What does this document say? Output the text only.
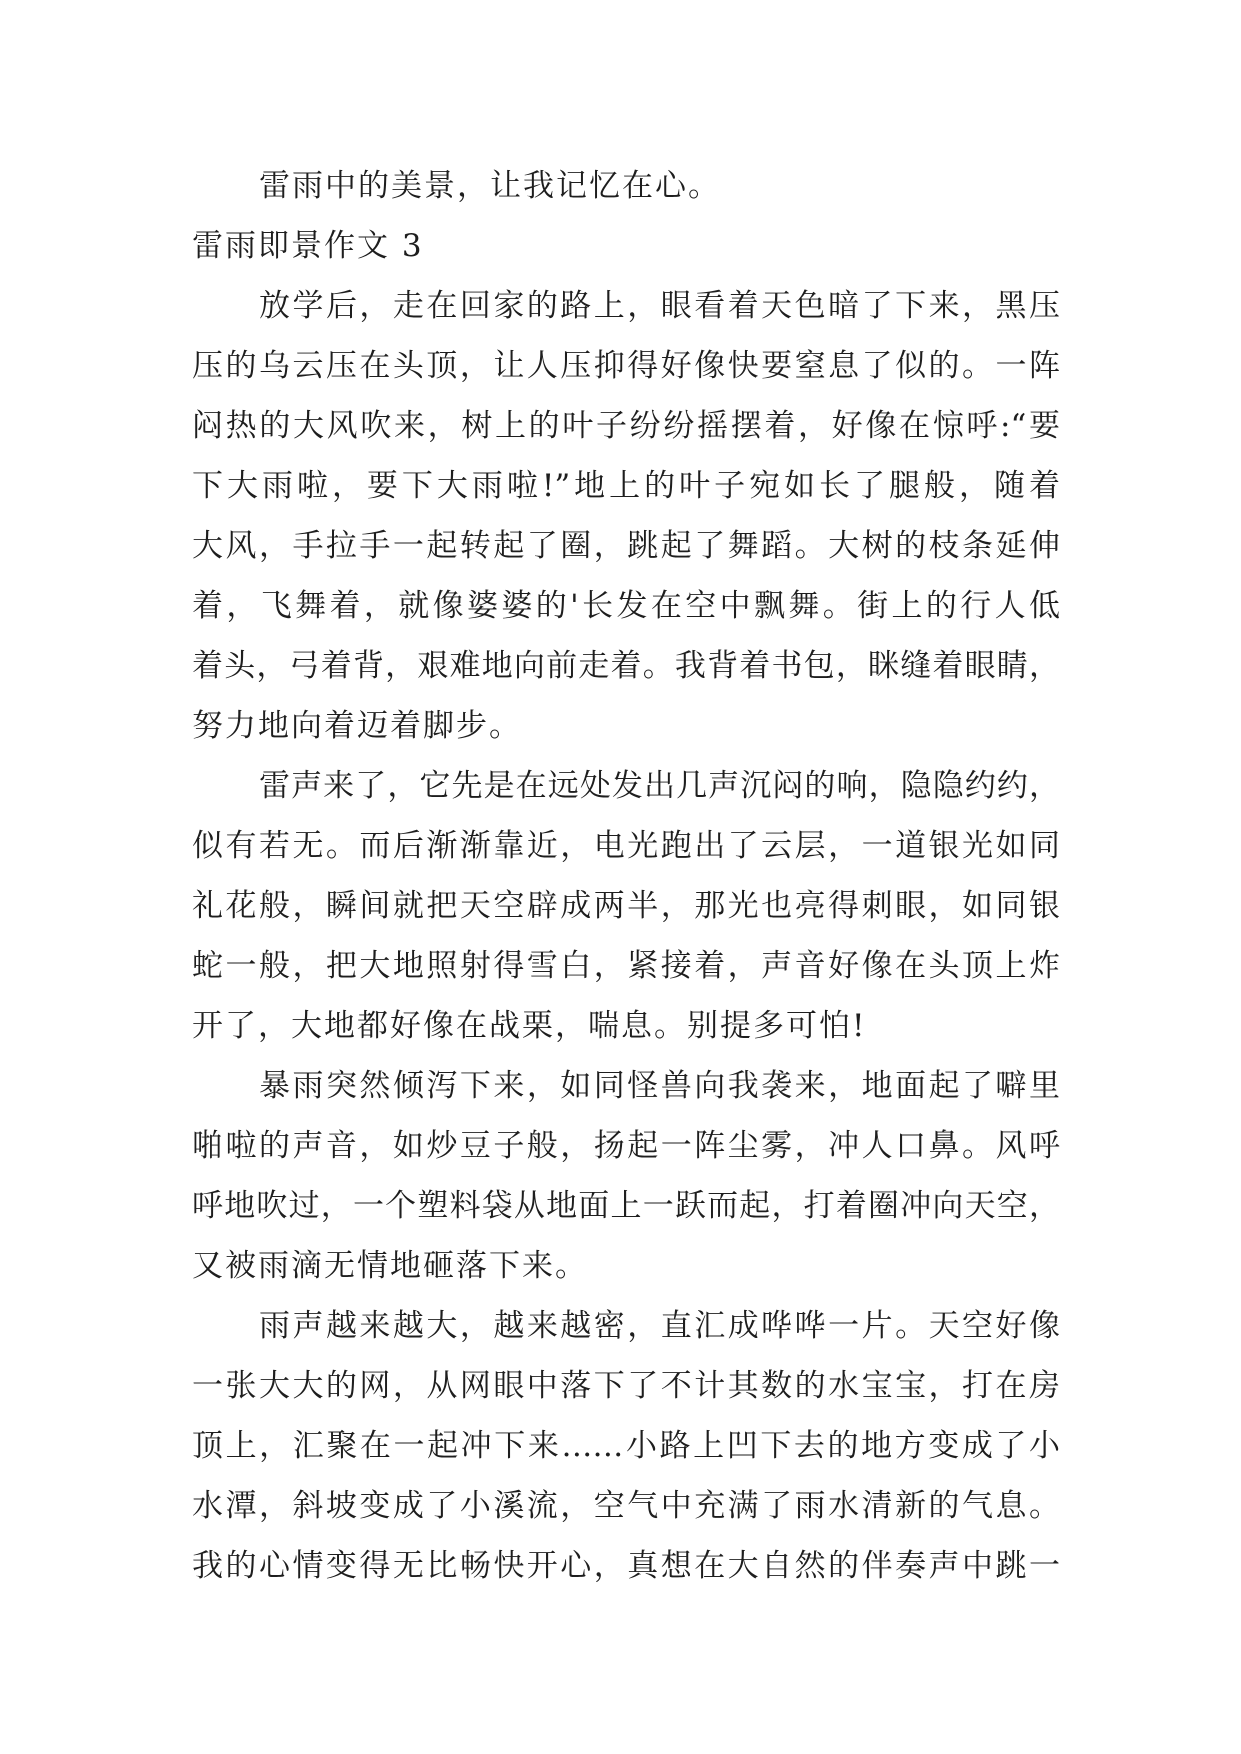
雷雨中的美景，让我记忆在心。
雷雨即景作文 3
放学后，走在回家的路上，眼看着天色暗了下来，黑压
压的乌云压在头顶，让人压抑得好像快要窒息了似的。一阵
闷热的大风吹来，树上的叶子纷纷摇摆着，好像在惊呼:“要
下大雨啦，要下大雨啦!”地上的叶子宛如长了腿般，随着
大风，手拉手一起转起了圈，跳起了舞蹈。大树的枝条延伸
着，飞舞着，就像婆婆的'长发在空中飘舞。街上的行人低
着头，弓着背，艰难地向前走着。我背着书包，眯缝着眼睛，
努力地向着迈着脚步。
雷声来了，它先是在远处发出几声沉闷的响，隐隐约约，
似有若无。而后渐渐靠近，电光跑出了云层，一道银光如同
礼花般，瞬间就把天空辟成两半，那光也亮得刺眼，如同银
蛇一般，把大地照射得雪白，紧接着，声音好像在头顶上炸
开了，大地都好像在战栗，喘息。别提多可怕!
暴雨突然倾泻下来，如同怪兽向我袭来，地面起了噼里
啪啦的声音，如炒豆子般，扬起一阵尘雾，冲人口鼻。风呼
呼地吹过，一个塑料袋从地面上一跃而起，打着圈冲向天空，
又被雨滴无情地砸落下来。
雨声越来越大，越来越密，直汇成哗哗一片。天空好像
一张大大的网，从网眼中落下了不计其数的水宝宝，打在房
顶上，汇聚在一起冲下来……小路上凹下去的地方变成了小
水潭，斜坡变成了小溪流，空气中充满了雨水清新的气息。
我的心情变得无比畅快开心，真想在大自然的伴奏声中跳一
